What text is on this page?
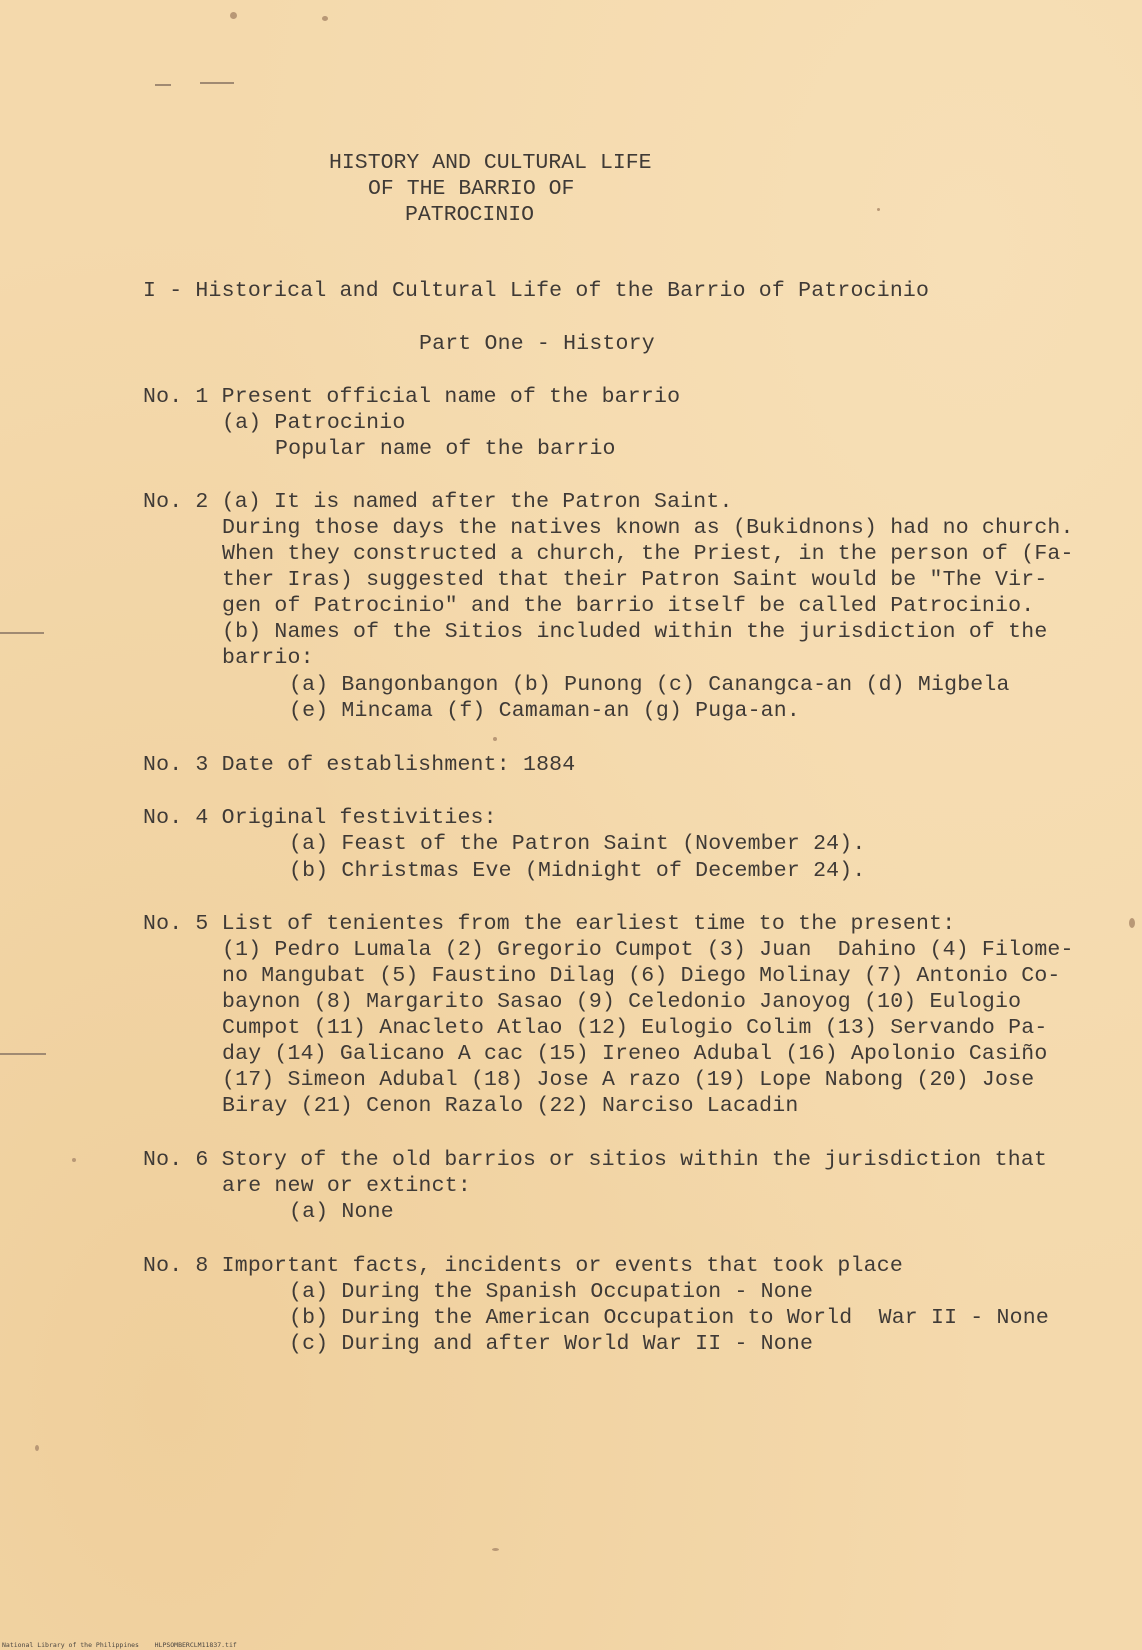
HISTORY AND CULTURAL LIFE
OF THE BARRIO OF
PATROCINIO
I - Historical and Cultural Life of the Barrio of Patrocinio
Part One - History
No. 1 Present official name of the barrio
(a) Patrocinio
Popular name of the barrio
No. 2 (a) It is named after the Patron Saint.
During those days the natives known as (Bukidnons) had no church.
When they constructed a church, the Priest, in the person of (Fa-
ther Iras) suggested that their Patron Saint would be "The Vir-
gen of Patrocinio" and the barrio itself be called Patrocinio.
(b) Names of the Sitios included within the jurisdiction of the
barrio:
(a) Bangonbangon (b) Punong (c) Canangca-an (d) Migbela
(e) Mincama (f) Camaman-an (g) Puga-an.
No. 3 Date of establishment: 1884
No. 4 Original festivities:
(a) Feast of the Patron Saint (November 24).
(b) Christmas Eve (Midnight of December 24).
No. 5 List of tenientes from the earliest time to the present:
(1) Pedro Lumala (2) Gregorio Cumpot (3) Juan  Dahino (4) Filome-
no Mangubat (5) Faustino Dilag (6) Diego Molinay (7) Antonio Co-
baynon (8) Margarito Sasao (9) Celedonio Janoyog (10) Eulogio
Cumpot (11) Anacleto Atlao (12) Eulogio Colim (13) Servando Pa-
day (14) Galicano A cac (15) Ireneo Adubal (16) Apolonio Casiño
(17) Simeon Adubal (18) Jose A razo (19) Lope Nabong (20) Jose
Biray (21) Cenon Razalo (22) Narciso Lacadin
No. 6 Story of the old barrios or sitios within the jurisdiction that
are new or extinct:
(a) None
No. 8 Important facts, incidents or events that took place
(a) During the Spanish Occupation - None
(b) During the American Occupation to World  War II - None
(c) During and after World War II - None
National Library of the Philippines    HLPSOMBERCLM11837.tif
